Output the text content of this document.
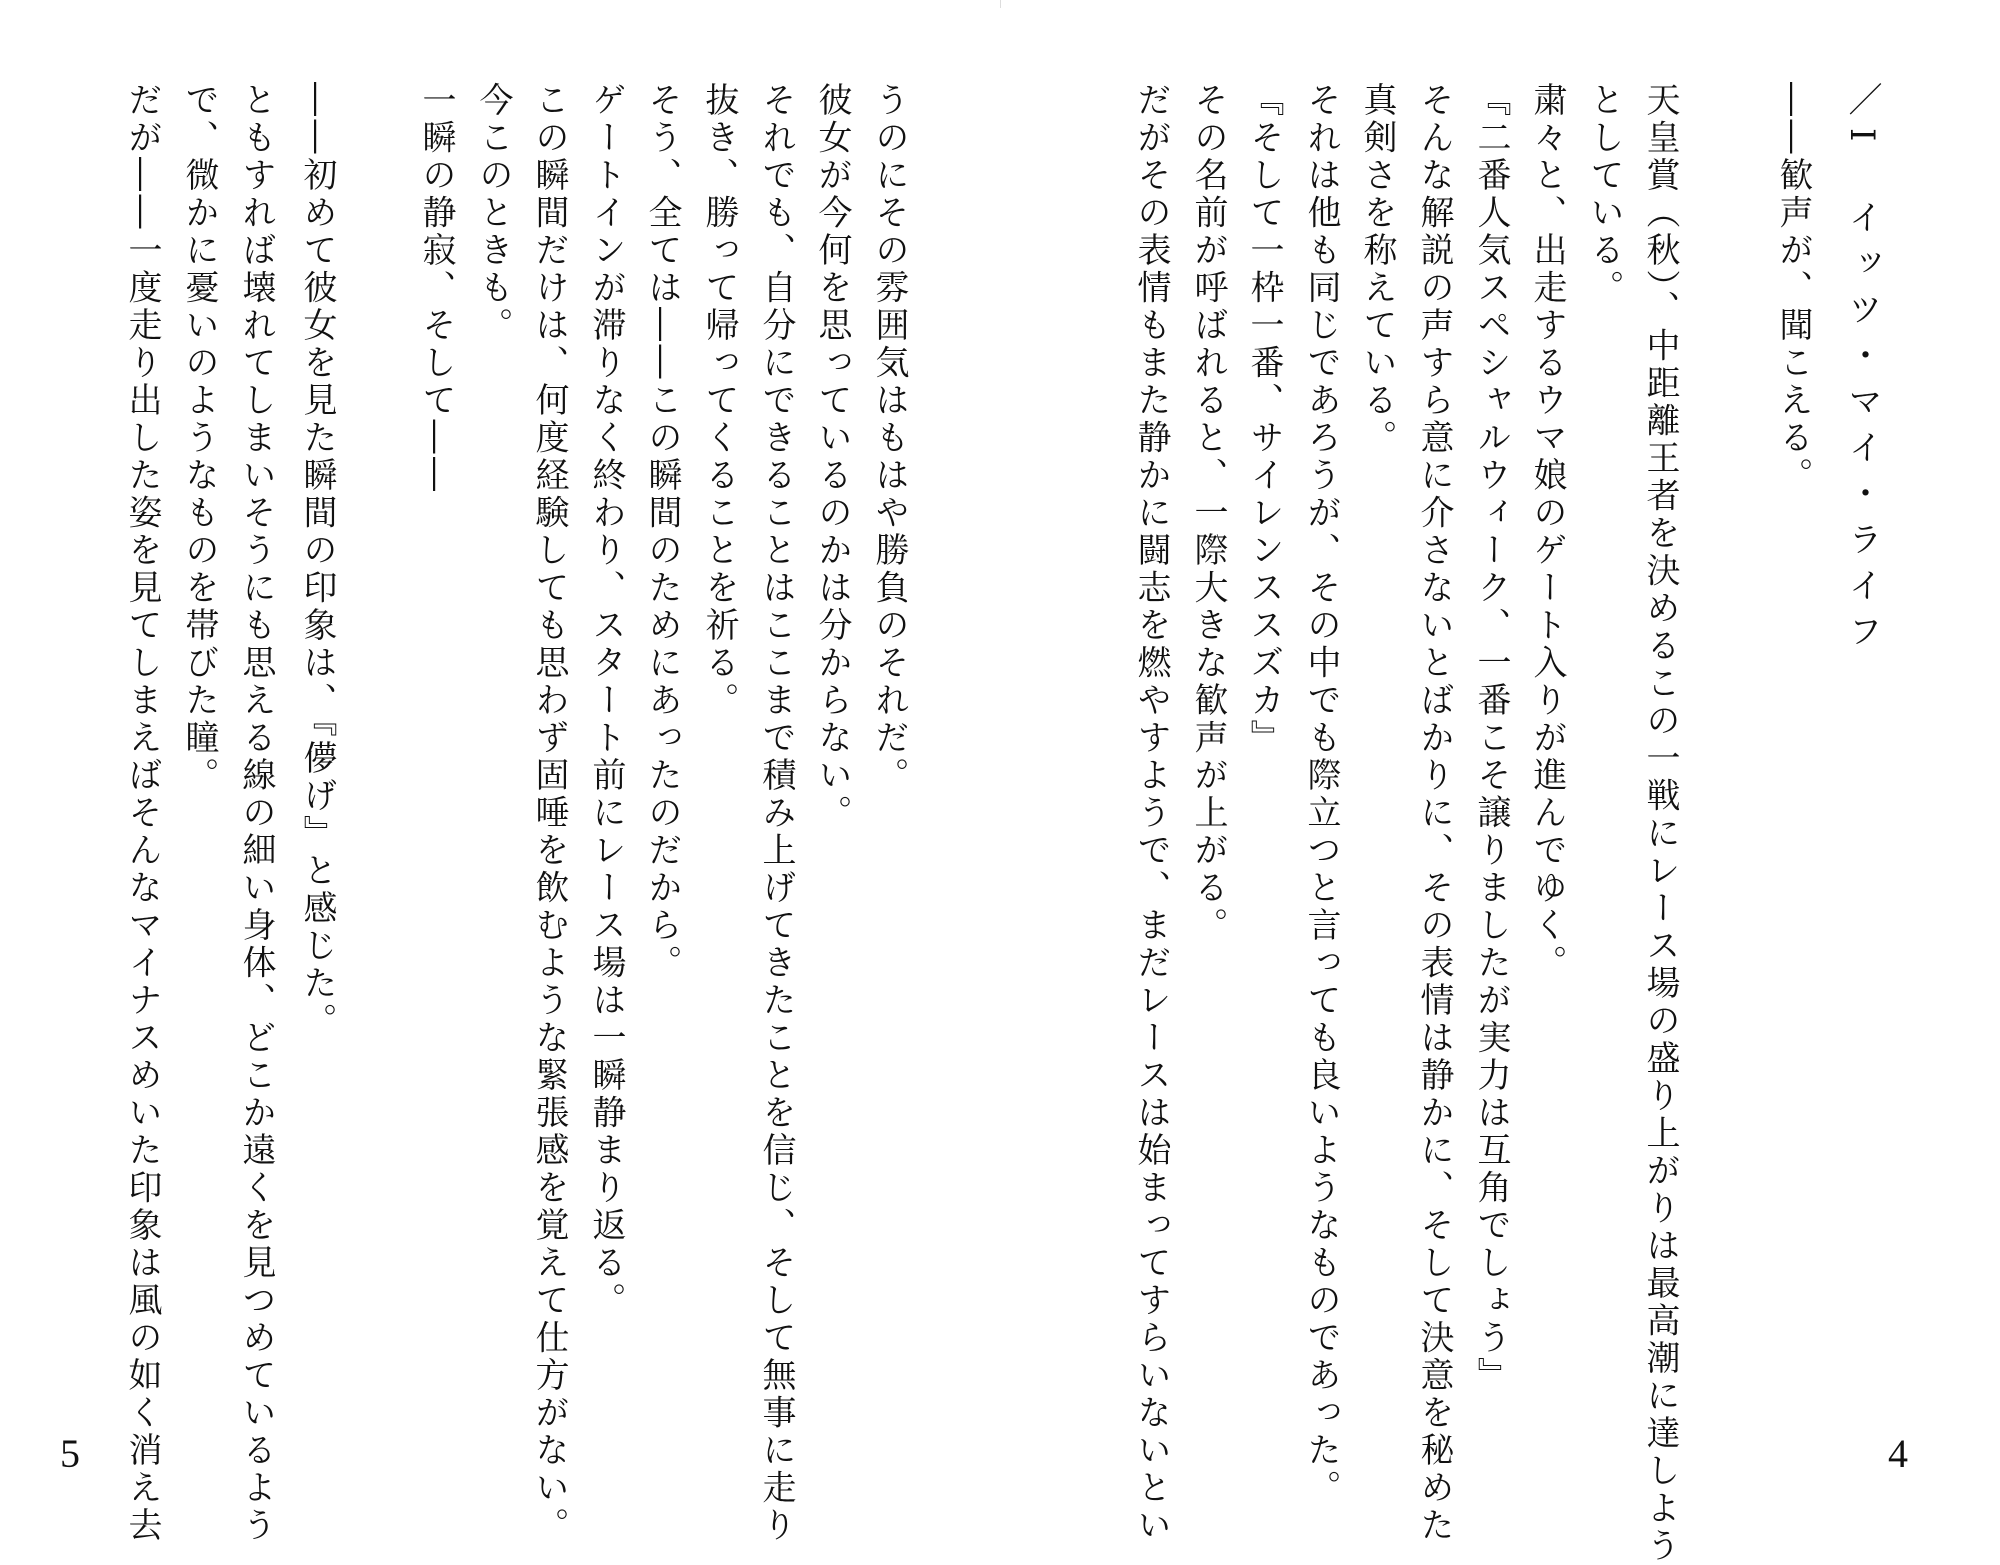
／I　イッツ・マイ・ライフ
――歓声が、聞こえる。
天皇賞（秋）、中距離王者を決めるこの一戦にレース場の盛り上がりは最高潮に達しよう
としている。
粛々と、出走するウマ娘のゲート入りが進んでゆく。
『二番人気スペシャルウィーク、一番こそ譲りましたが実力は互角でしょう』
そんな解説の声すら意に介さないとばかりに、その表情は静かに、そして決意を秘めた
真剣さを称えている。
それは他も同じであろうが、その中でも際立つと言っても良いようなものであった。
『そして一枠一番、サイレンススズカ』
その名前が呼ばれると、一際大きな歓声が上がる。
だがその表情もまた静かに闘志を燃やすようで、まだレースは始まってすらいないとい	4
うのにその雰囲気はもはや勝負のそれだ。
彼女が今何を思っているのかは分からない。
それでも、自分にできることはここまで積み上げてきたことを信じ、そして無事に走り
抜き、勝って帰ってくることを祈る。
そう、全ては――この瞬間のためにあったのだから。
ゲートインが滞りなく終わり、スタート前にレース場は一瞬静まり返る。
この瞬間だけは、何度経験しても思わず固唾を飲むような緊張感を覚えて仕方がない。
今このときも。
一瞬の静寂、そして――
――初めて彼女を見た瞬間の印象は、『儚げ』と感じた。
ともすれば壊れてしまいそうにも思える線の細い身体、どこか遠くを見つめているよう
で、微かに憂いのようなものを帯びた瞳。
だが――一度走り出した姿を見てしまえばそんなマイナスめいた印象は風の如く消え去
5
